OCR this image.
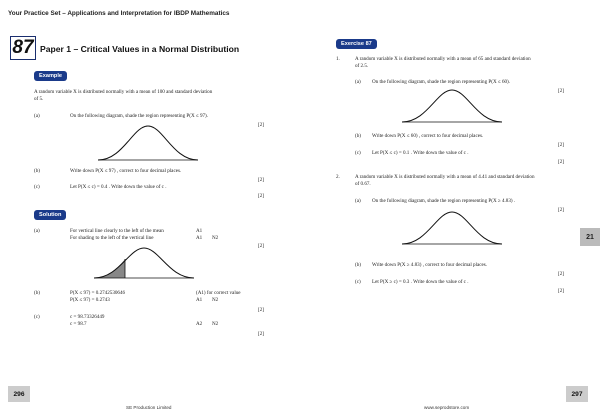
Your Practice Set – Applications and Interpretation for IBDP Mathematics
87 Paper 1 – Critical Values in a Normal Distribution
Example
A random variable X is distributed normally with a mean of 100 and standard deviation
of 5.
(a)	On the following diagram, shade the region representing P(X ≤ 97).
[2]
(b)	Write down P(X ≤ 97) , correct to four decimal places.
[2]
(c)	Let P(X ≤ c) = 0.4 . Write down the value of c .
[2]
Solution
(a)	For vertical line clearly to the left of the mean	A1
For shading to the left of the vertical line	A1 N2
[2]
(b)	P(X ≤ 97) = 0.2742530646	(A1) for correct value
P(X ≤ 97) = 0.2743	A1 N2
[2]
(c)	c = 98.73326449
c = 98.7	A2 N2
[2]
296
SE Production Limited
Exercise 87
1.	A random variable X is distributed normally with a mean of 65 and standard deviation
of 2.5.
(a) On the following diagram, shade the region representing P(X ≤ 60).
[2]
(b) Write down P(X ≤ 60) , correct to four decimal places.
[2]
(c) Let P(X ≤ c) = 0.1 . Write down the value of c .
[2]
2.	A random variable X is distributed normally with a mean of 4.41 and standard deviation
of 0.67.
(a) On the following diagram, shade the region representing P(X ≥ 4.83) .
[2]
(b) Write down P(X ≥ 4.83) , correct to four decimal places.
[2]
(c) Let P(X ≥ c) = 0.3 . Write down the value of c .
[2]
21
297
www.seprodstore.com
